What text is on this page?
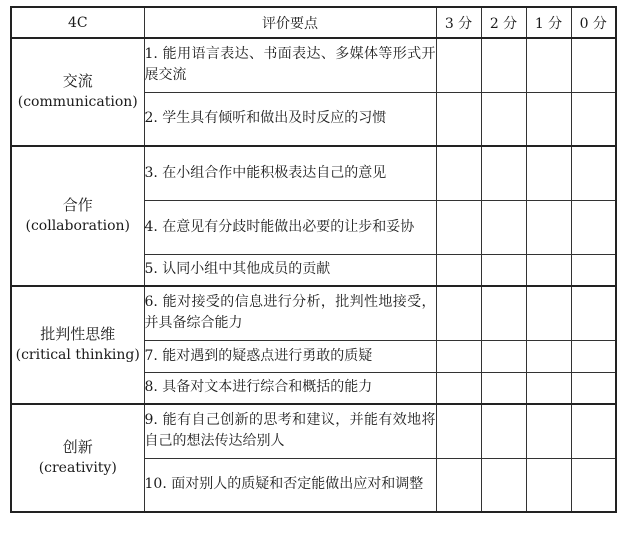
4C	评价要点	3 分	2 分	1 分	0 分

交流
(communication)	1. 能用语言表达、书面表达、多媒体等形式开展交流				
	2. 学生具有倾听和做出及时反应的习惯				

合作
(collaboration)	3. 在小组合作中能积极表达自己的意见				
	4. 在意见有分歧时能做出必要的让步和妥协				
	5. 认同小组中其他成员的贡献				

批判性思维
(critical thinking)	6. 能对接受的信息进行分析，批判性地接受，并具备综合能力				
	7. 能对遇到的疑惑点进行勇敢的质疑				
	8. 具备对文本进行综合和概括的能力				

创新
(creativity)	9. 能有自己创新的思考和建议，并能有效地将自己的想法传达给别人				
	10. 面对别人的质疑和否定能做出应对和调整				
